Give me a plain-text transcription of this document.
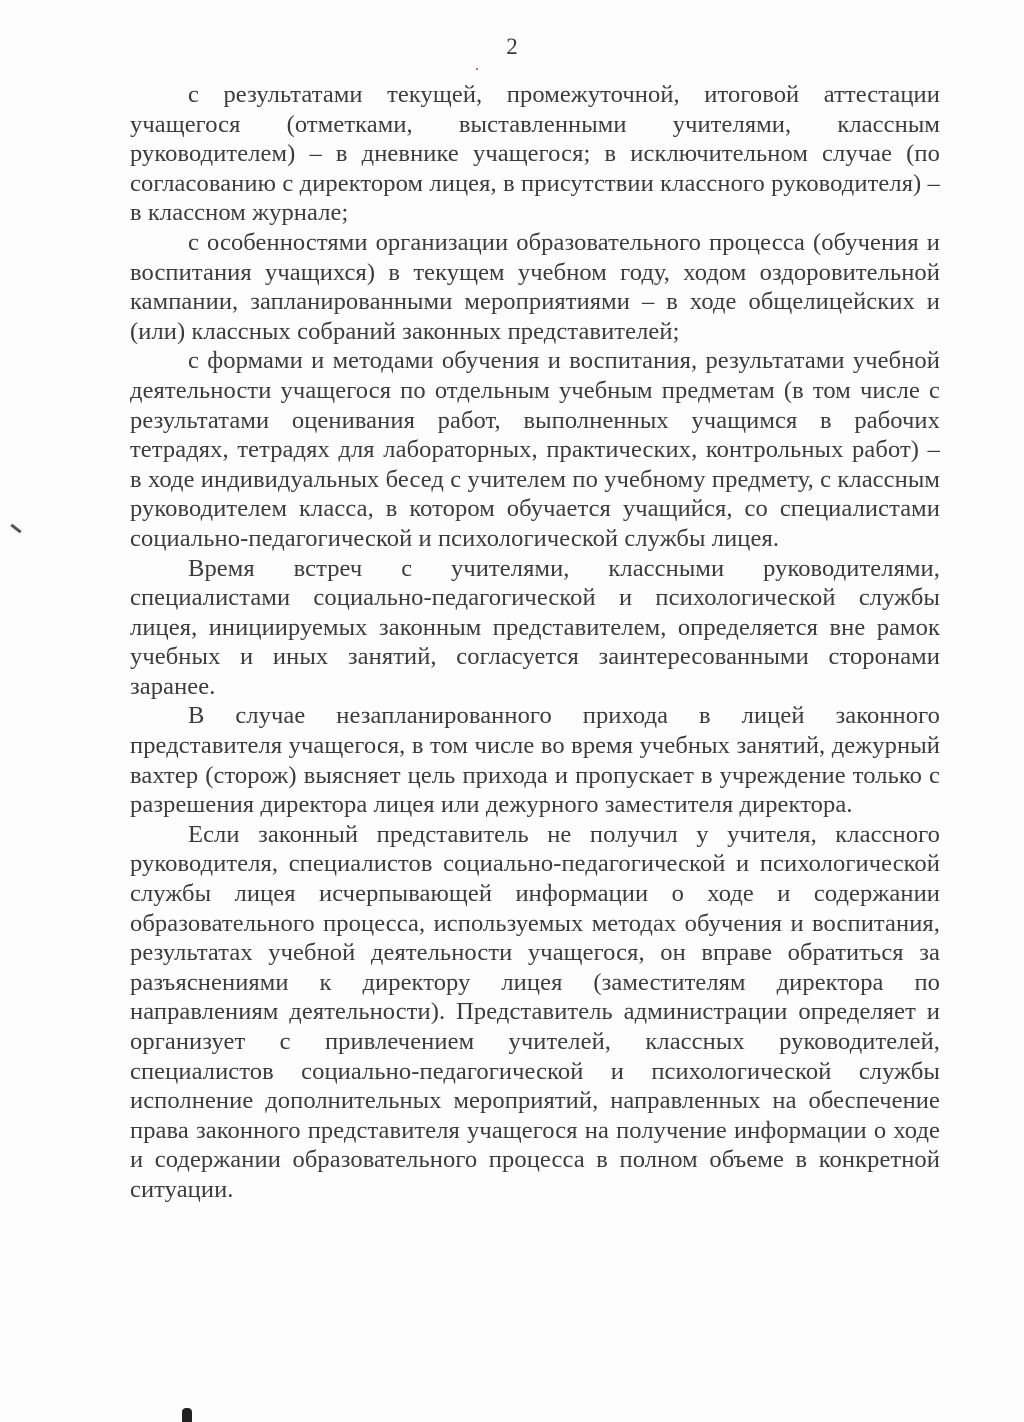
2

с результатами текущей, промежуточной, итоговой аттестации учащегося (отметками, выставленными учителями, классным руководителем) – в дневнике учащегося; в исключительном случае (по согласованию с директором лицея, в присутствии классного руководителя) – в классном журнале;

с особенностями организации образовательного процесса (обучения и воспитания учащихся) в текущем учебном году, ходом оздоровительной кампании, запланированными мероприятиями – в ходе общелицейских и (или) классных собраний законных представителей;

с формами и методами обучения и воспитания, результатами учебной деятельности учащегося по отдельным учебным предметам (в том числе с результатами оценивания работ, выполненных учащимся в рабочих тетрадях, тетрадях для лабораторных, практических, контрольных работ) – в ходе индивидуальных бесед с учителем по учебному предмету, с классным руководителем класса, в котором обучается учащийся, со специалистами социально-педагогической и психологической службы лицея.

Время встреч с учителями, классными руководителями, специалистами социально-педагогической и психологической службы лицея, инициируемых законным представителем, определяется вне рамок учебных и иных занятий, согласуется заинтересованными сторонами заранее.

В случае незапланированного прихода в лицей законного представителя учащегося, в том числе во время учебных занятий, дежурный вахтер (сторож) выясняет цель прихода и пропускает в учреждение только с разрешения директора лицея или дежурного заместителя директора.

Если законный представитель не получил у учителя, классного руководителя, специалистов социально-педагогической и психологической службы лицея исчерпывающей информации о ходе и содержании образовательного процесса, используемых методах обучения и воспитания, результатах учебной деятельности учащегося, он вправе обратиться за разъяснениями к директору лицея (заместителям директора по направлениям деятельности). Представитель администрации определяет и организует с привлечением учителей, классных руководителей, специалистов социально-педагогической и психологической службы исполнение дополнительных мероприятий, направленных на обеспечение права законного представителя учащегося на получение информации о ходе и содержании образовательного процесса в полном объеме в конкретной ситуации.
